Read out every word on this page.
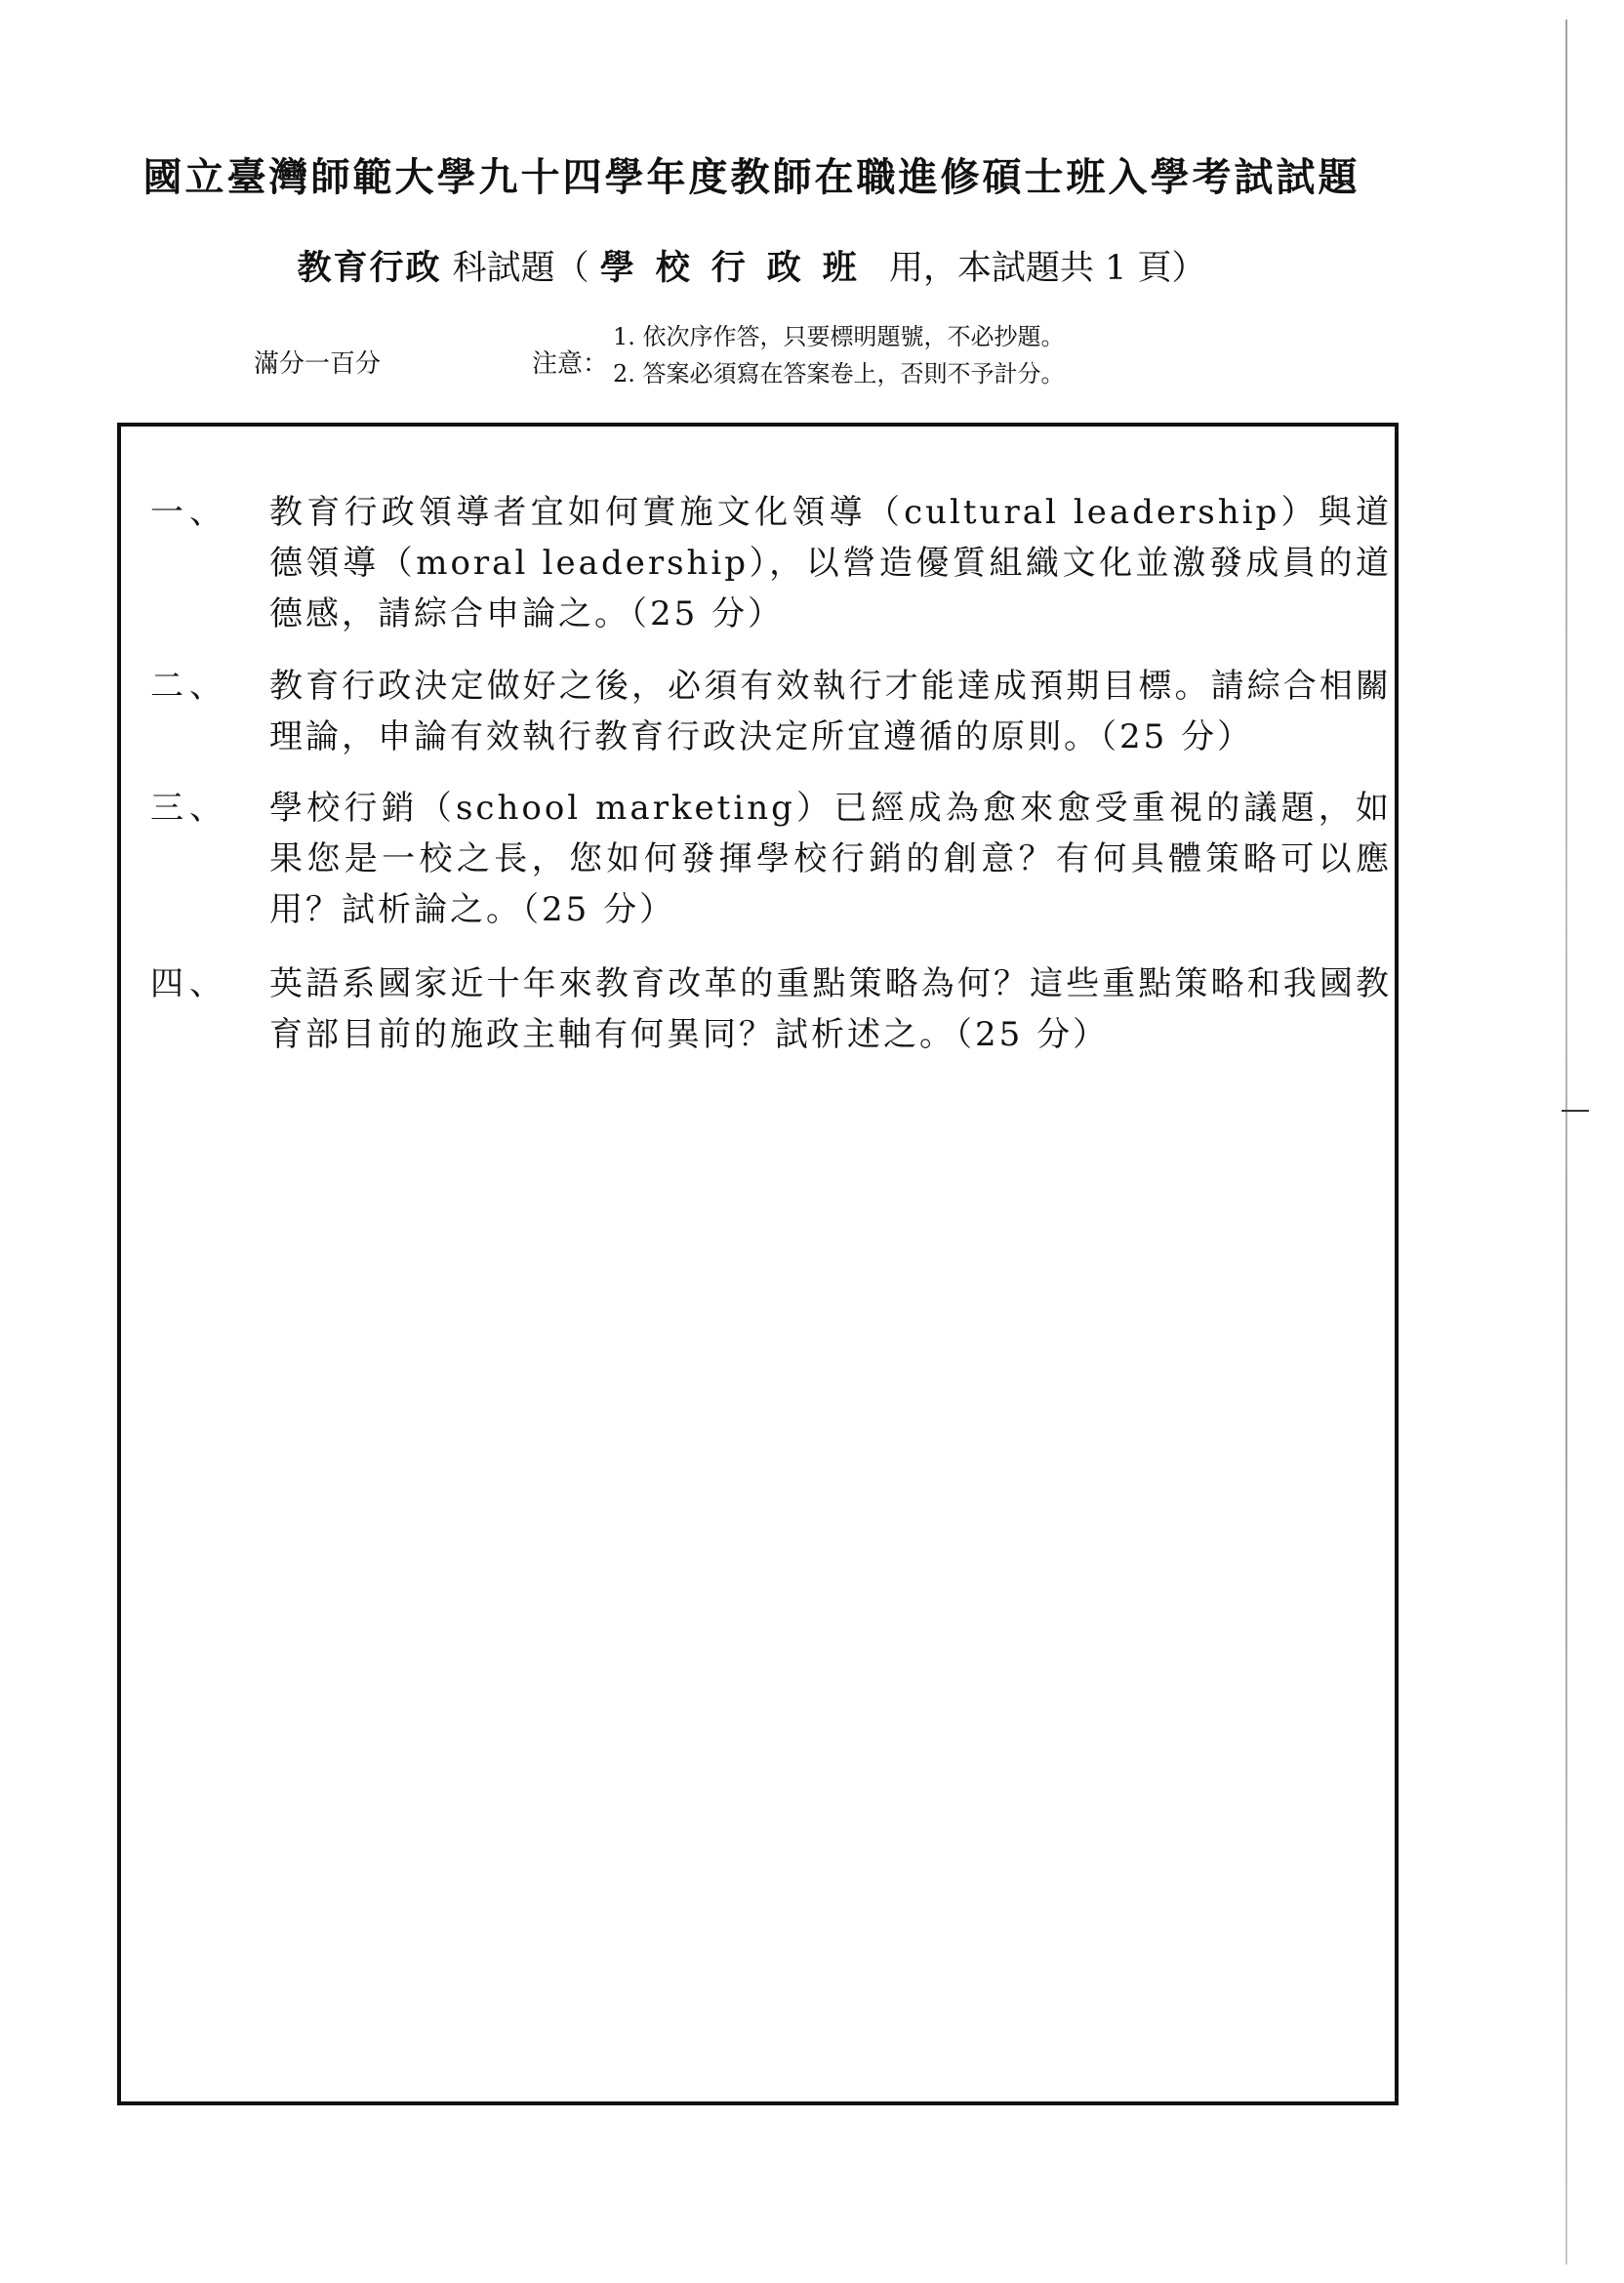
國立臺灣師範大學九十四學年度教師在職進修碩士班入學考試試題
教育行政 科試題（ 學校行政班 用，本試題共 1 頁）
滿分一百分	注意：
1. 依次序作答，只要標明題號，不必抄題。
2. 答案必須寫在答案卷上，否則不予計分。
一、	教育行政領導者宜如何實施文化領導（cultural leadership）與道德領導（moral leadership），以營造優質組織文化並激發成員的道德感，請綜合申論之。（25 分）
二、	教育行政決定做好之後，必須有效執行才能達成預期目標。請綜合相關理論，申論有效執行教育行政決定所宜遵循的原則。（25 分）
三、	學校行銷（school marketing）已經成為愈來愈受重視的議題，如果您是一校之長，您如何發揮學校行銷的創意？有何具體策略可以應用？試析論之。（25 分）
四、	英語系國家近十年來教育改革的重點策略為何？這些重點策略和我國教育部目前的施政主軸有何異同？試析述之。（25 分）
